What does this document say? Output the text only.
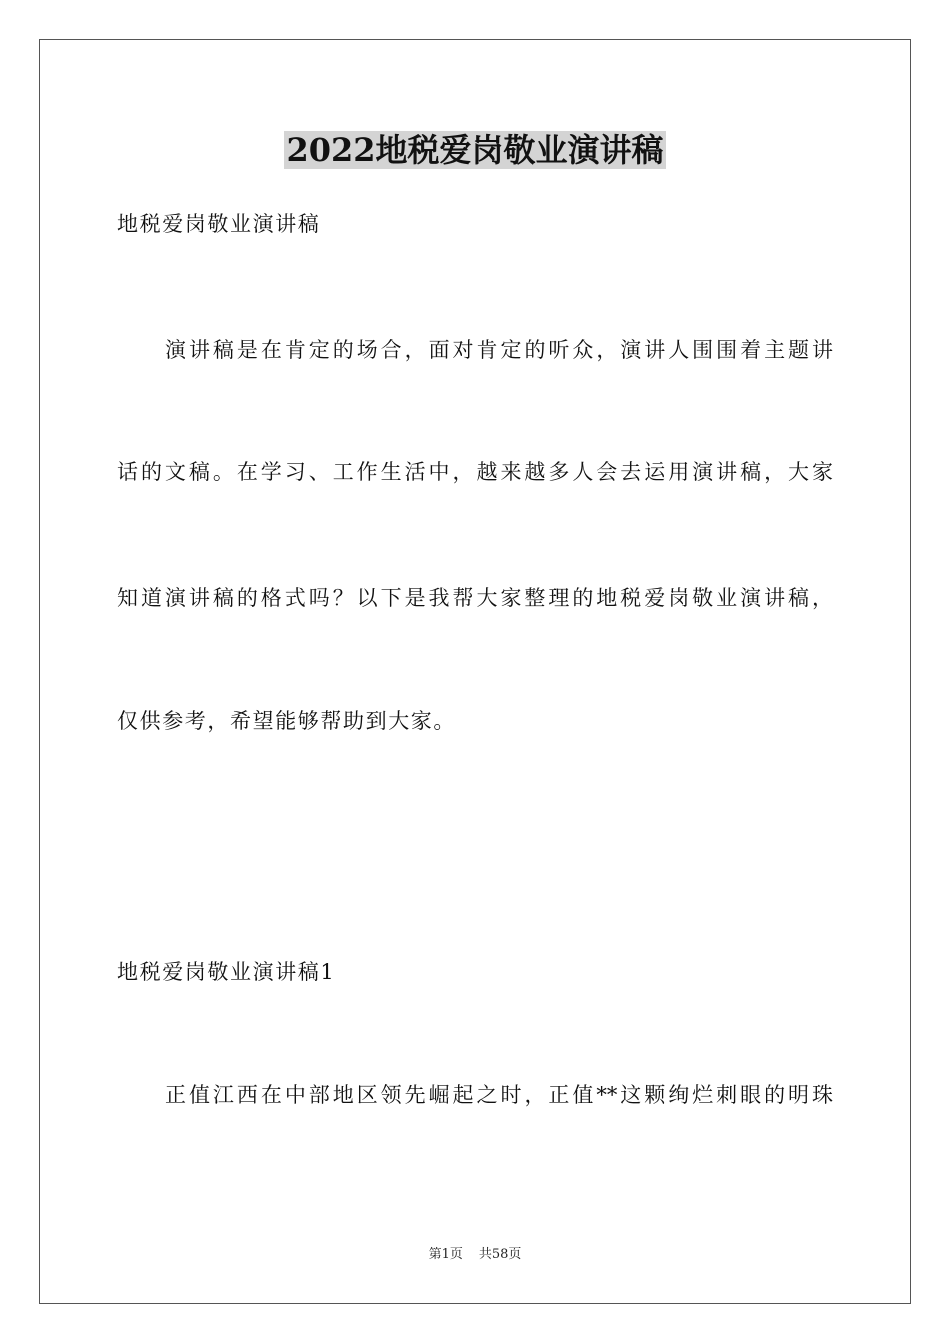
2022地税爱岗敬业演讲稿

地税爱岗敬业演讲稿

演讲稿是在肯定的场合，面对肯定的听众，演讲人围围着主题讲

话的文稿。在学习、工作生活中，越来越多人会去运用演讲稿，大家

知道演讲稿的格式吗？以下是我帮大家整理的地税爱岗敬业演讲稿，

仅供参考，希望能够帮助到大家。

地税爱岗敬业演讲稿1

正值江西在中部地区领先崛起之时，正值**这颗绚烂刺眼的明珠

第1页 共58页
